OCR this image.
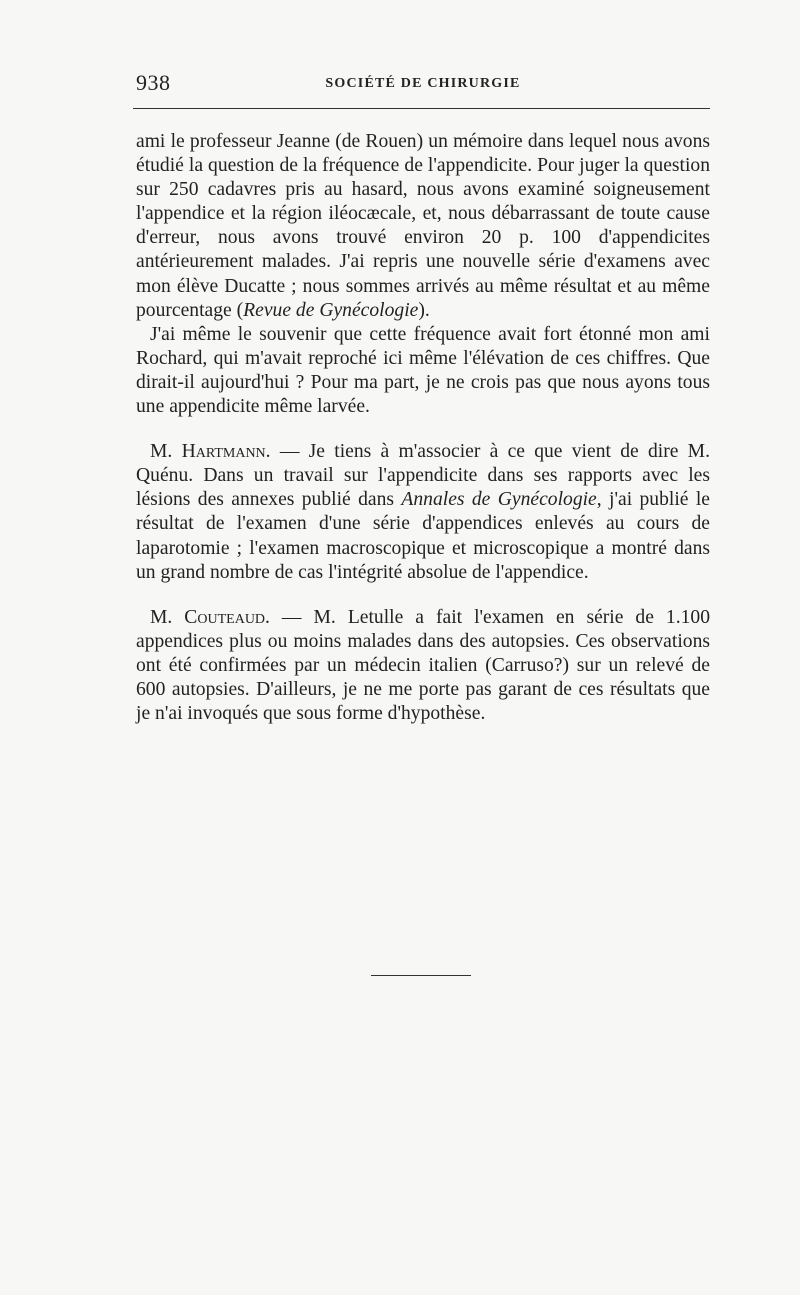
938	SOCIÉTÉ DE CHIRURGIE

ami le professeur Jeanne (de Rouen) un mémoire dans lequel nous avons étudié la question de la fréquence de l'appendicite. Pour juger la question sur 250 cadavres pris au hasard, nous avons examiné soigneusement l'appendice et la région iléocæcale, et, nous débarrassant de toute cause d'erreur, nous avons trouvé environ 20 p. 100 d'appendicites antérieurement malades. J'ai repris une nouvelle série d'examens avec mon élève Ducatte ; nous sommes arrivés au même résultat et au même pourcentage (Revue de Gynécologie).

J'ai même le souvenir que cette fréquence avait fort étonné mon ami Rochard, qui m'avait reproché ici même l'élévation de ces chiffres. Que dirait-il aujourd'hui ? Pour ma part, je ne crois pas que nous ayons tous une appendicite même larvée.

M. Hartmann. — Je tiens à m'associer à ce que vient de dire M. Quénu. Dans un travail sur l'appendicite dans ses rapports avec les lésions des annexes publié dans Annales de Gynécologie, j'ai publié le résultat de l'examen d'une série d'appendices enlevés au cours de laparotomie ; l'examen macroscopique et microscopique a montré dans un grand nombre de cas l'intégrité absolue de l'appendice.

M. Couteaud. — M. Letulle a fait l'examen en série de 1.100 appendices plus ou moins malades dans des autopsies. Ces observations ont été confirmées par un médecin italien (Carruso?) sur un relevé de 600 autopsies. D'ailleurs, je ne me porte pas garant de ces résultats que je n'ai invoqués que sous forme d'hypothèse.
